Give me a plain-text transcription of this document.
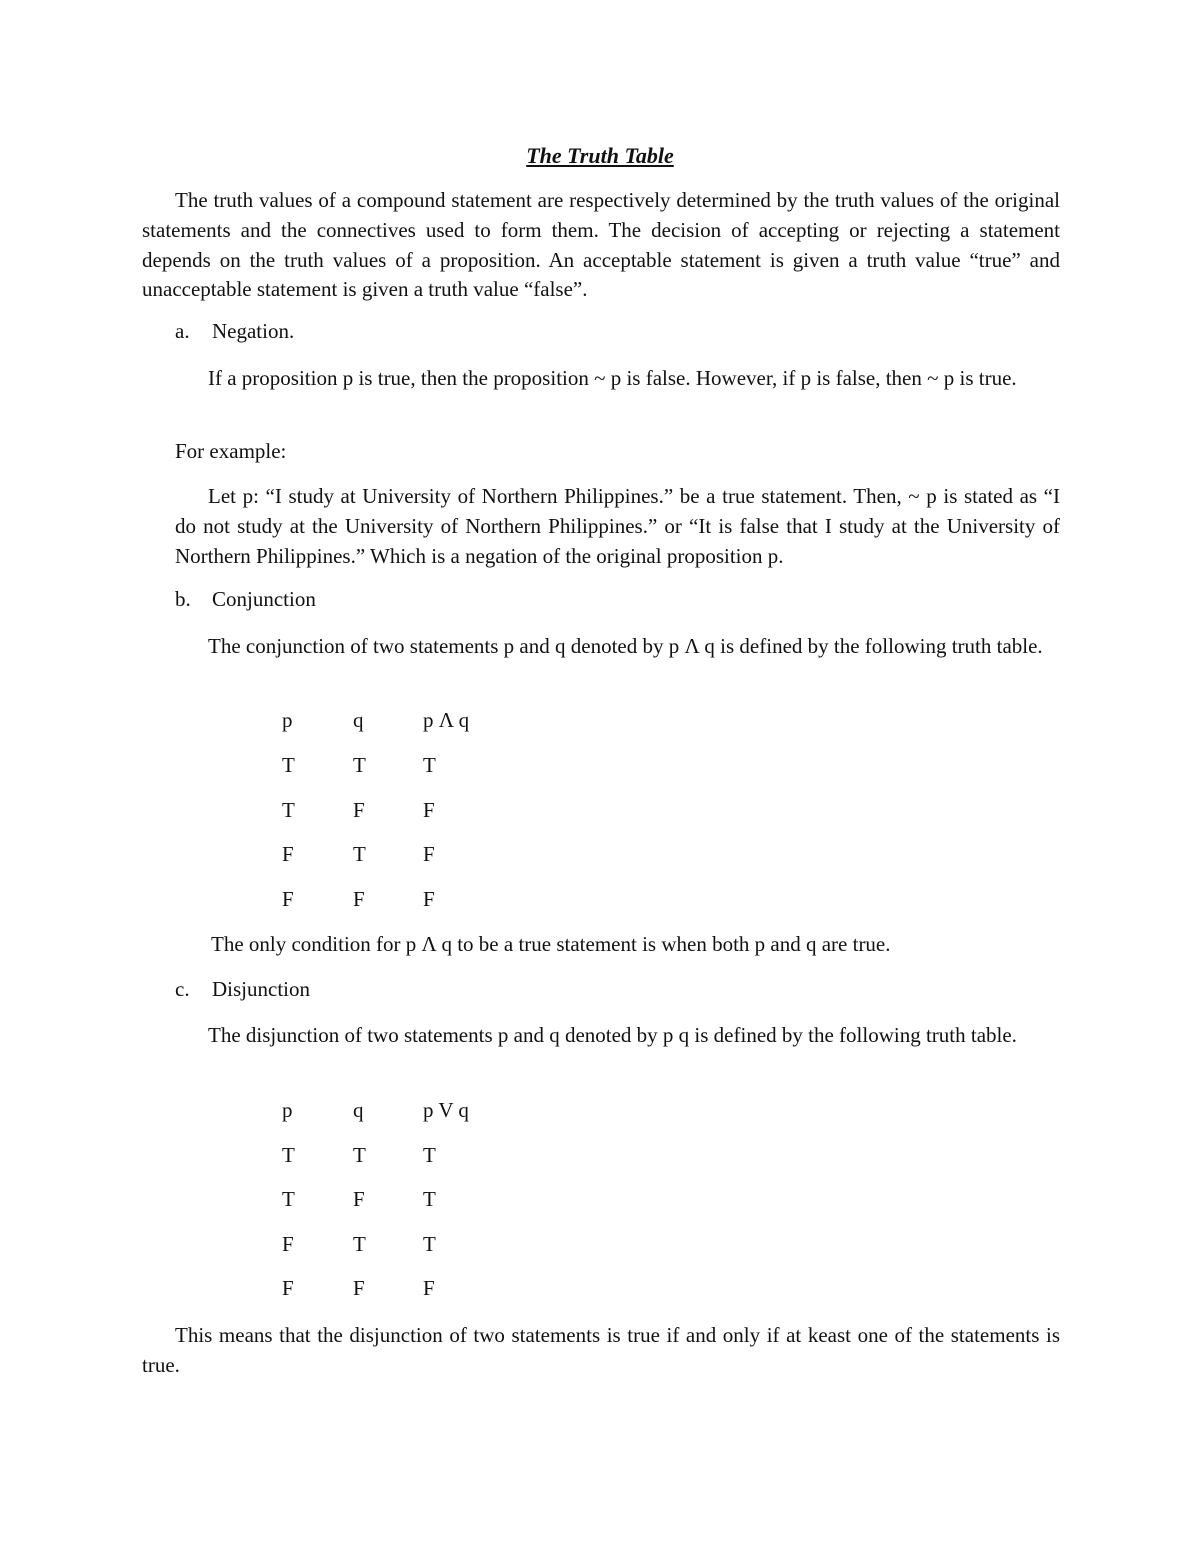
The Truth Table

The truth values of a compound statement are respectively determined by the truth values of the original statements and the connectives used to form them. The decision of accepting or rejecting a statement depends on the truth values of a proposition. An acceptable statement is given a truth value “true” and unacceptable statement is given a truth value “false”.

a. Negation.

If a proposition p is true, then the proposition ~ p is false. However, if p is false, then ~ p is true.

For example:

Let p: “I study at University of Northern Philippines.” be a true statement. Then, ~ p is stated as “I do not study at the University of Northern Philippines.” or “It is false that I study at the University of Northern Philippines.” Which is a negation of the original proposition p.

b. Conjunction

The conjunction of two statements p and q denoted by p Λ q is defined by the following truth table.

p	q	p Λ q
T	T	T
T	F	F
F	T	F
F	F	F
The only condition for p Λ q to be a true statement is when both p and q are true.
c. Disjunction

The disjunction of two statements p and q denoted by p q is defined by the following truth table.

p	q	p V q
T	T	T
T	F	T
F	T	T
F	F	F

This means that the disjunction of two statements is true if and only if at keast one of the statements is true.
